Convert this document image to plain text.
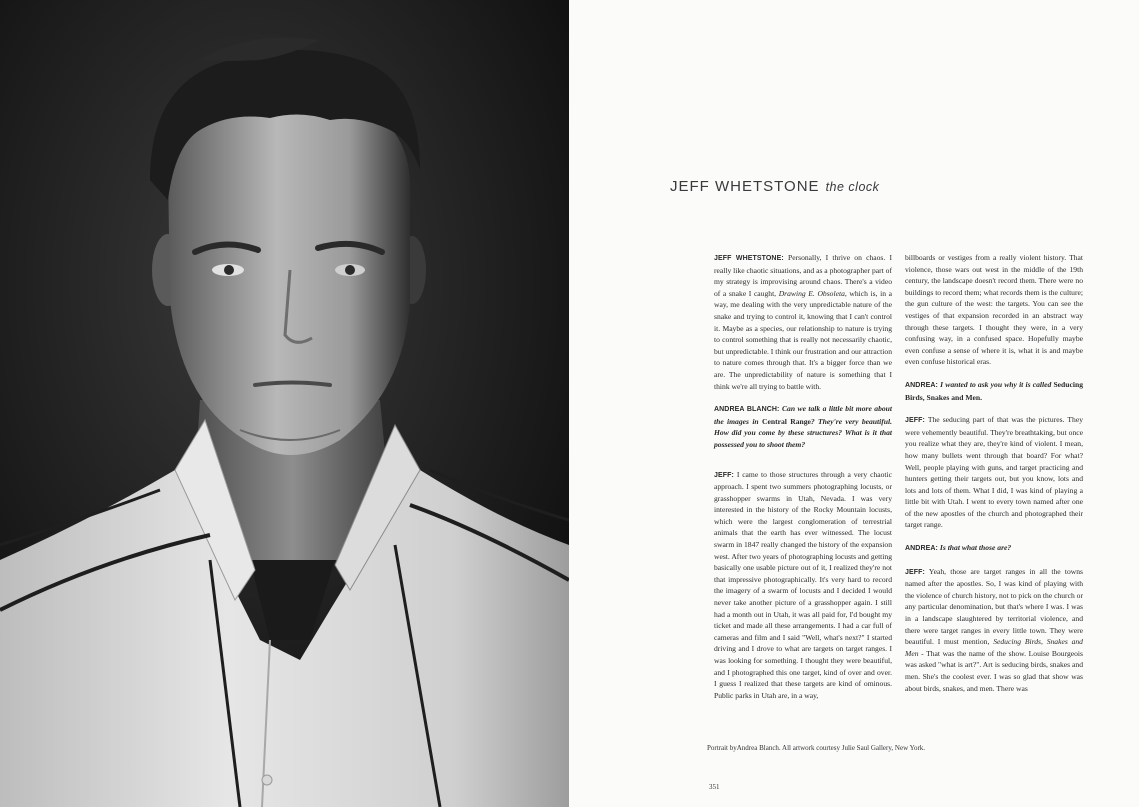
JEFF WHETSTONE the clock

JEFF WHETSTONE: Personally, I thrive on chaos. I really like chaotic situations, and as a photographer part of my strategy is improvising around chaos. There's a video of a snake I caught, Drawing E. Obsoleta, which is, in a way, me dealing with the very unpredictable nature of the snake and trying to control it, knowing that I can't control it. Maybe as a species, our relationship to nature is trying to control something that is really not necessarily chaotic, but unpredictable. I think our frustration and our attraction to nature comes through that. It's a bigger force than we are. The unpredictability of nature is something that I think we're all trying to battle with.

ANDREA BLANCH: Can we talk a little bit more about the images in Central Range? They're very beautiful. How did you come by these structures? What is it that possessed you to shoot them?

JEFF: I came to those structures through a very chaotic approach. I spent two summers photographing locusts, or grasshopper swarms in Utah, Nevada. I was very interested in the history of the Rocky Mountain locusts, which were the largest conglomeration of terrestrial animals that the earth has ever witnessed. The locust swarm in 1847 really changed the history of the expansion west. After two years of photographing locusts and getting basically one usable picture out of it, I realized they're not that impressive photographically. It's very hard to record the imagery of a swarm of locusts and I decided I would never take another picture of a grasshopper again. I still had a month out in Utah, it was all paid for, I'd bought my ticket and made all these arrangements. I had a car full of cameras and film and I said "Well, what's next?" I started driving and I drove to what are targets on target ranges. I was looking for something. I thought they were beautiful, and I photographed this one target, kind of over and over. I guess I realized that these targets are kind of ominous. Public parks in Utah are, in a way,

billboards or vestiges from a really violent history. That violence, those wars out west in the middle of the 19th century, the landscape doesn't record them. There were no buildings to record them; what records them is the culture; the gun culture of the west: the targets. You can see the vestiges of that expansion recorded in an abstract way through these targets. I thought they were, in a very confusing way, in a confused space. Hopefully maybe even confuse a sense of where it is, what it is and maybe even confuse historical eras.

ANDREA: I wanted to ask you why it is called Seducing Birds, Snakes and Men.

JEFF: The seducing part of that was the pictures. They were vehemently beautiful. They're breathtaking, but once you realize what they are, they're kind of violent. I mean, how many bullets went through that board? For what? Well, people playing with guns, and target practicing and hunters getting their targets out, but you know, lots and lots and lots of them. What I did, I was kind of playing a little bit with Utah. I went to every town named after one of the new apostles of the church and photographed their target range.

ANDREA: Is that what those are?

JEFF: Yeah, those are target ranges in all the towns named after the apostles. So, I was kind of playing with the violence of church history, not to pick on the church or any particular denomination, but that's where I was. I was in a landscape slaughtered by territorial violence, and there were target ranges in every little town. They were beautiful. I must mention, Seducing Birds, Snakes and Men - That was the name of the show. Louise Bourgeois was asked "what is art?". Art is seducing birds, snakes and men. She's the coolest ever. I was so glad that show was about birds, snakes, and men. There was

Portrait byAndrea Blanch. All artwork courtesy Julie Saul Gallery, New York.
351
